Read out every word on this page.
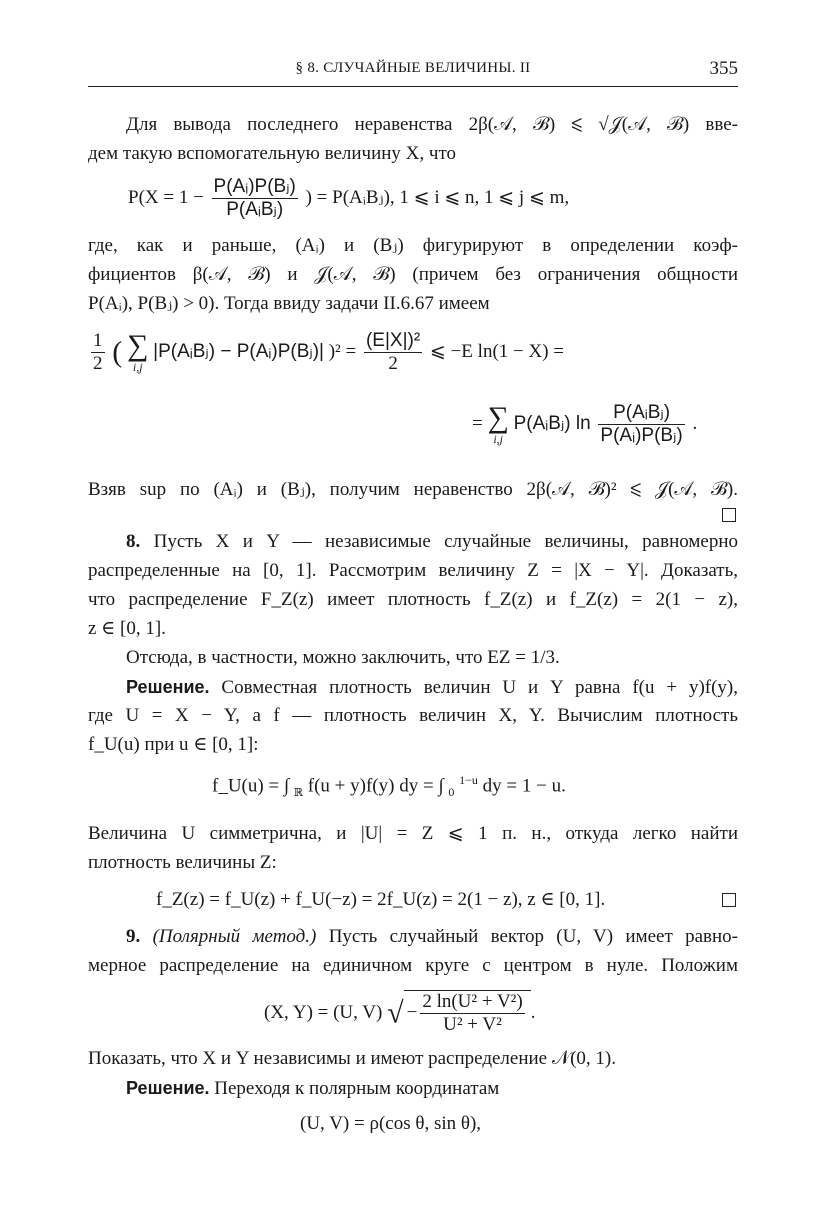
§ 8. СЛУЧАЙНЫЕ ВЕЛИЧИНЫ. II	355
Для вывода последнего неравенства 2β(𝒜, ℬ) ⩽ √𝒥(𝒜, ℬ) вве-
дем такую вспомогательную величину X, что
$P(X = 1 - \frac{\text{P(Aᵢ)P(Bⱼ)}}{\text{P(AᵢBⱼ)}}$ ) = P(AᵢBⱼ), 1 ⩽ i ⩽ n, 1 ⩽ j ⩽ m,
где, как и раньше, (Aᵢ) и (Bⱼ) фигурируют в определении коэф-
фициентов β(𝒜, ℬ) и 𝒥(𝒜, ℬ) (причем без ограничения общности
P(Aᵢ), P(Bⱼ) > 0). Тогда ввиду задачи II.6.67 имеем
$\frac{1}{2}$ ( ∑
i,j
|P(AᵢBⱼ) − P(Aᵢ)P(Bⱼ)| )$^2 = \frac{\text{(E|X|)²}}{2}$ ⩽ −E ln(1 − X) =
= ∑
i,j
P(AᵢBⱼ) $\ln \frac{\text{P(AᵢBⱼ)}}{\text{P(Aᵢ)P(Bⱼ)}}$ .
Взяв sup по (Aᵢ) и (Bⱼ), получим неравенство 2β(𝒜, ℬ)² ⩽ 𝒥(𝒜, ℬ).
8. Пусть X и Y — независимые случайные величины, равномерно
распределенные на [0, 1]. Рассмотрим величину Z = |X − Y|. Доказать,
что распределение F_Z(z) имеет плотность f_Z(z) и f_Z(z) = 2(1 − z),
z ∈ [0, 1].
Отсюда, в частности, можно заключить, что EZ = 1/3.
Решение. Совместная плотность величин U и Y равна f(u + y)f(y),
где U = X − Y, а f — плотность величин X, Y. Вычислим плотность
f_U(u) при u ∈ [0, 1]:
f_U(u) = ∫ $_ℝ$ f(u + y)f(y) dy = ∫ $_0$ $^{1-u}$ dy = 1 − u.
Величина U симметрична, и |U| = Z ⩽ 1 п. н., откуда легко найти
плотность величины Z:
f_Z(z) = f_U(z) + f_U(−z) = 2f_U(z) = 2(1 − z), z ∈ [0, 1].
9. (Полярный метод.) Пусть случайный вектор (U, V) имеет равно-
мерное распределение на единичном круге с центром в нуле. Положим
(X, Y) = (U, V) √ − $\frac{\text{2 ln(U² + V²)}}{\text{U² + V²}}$ .
Показать, что X и Y независимы и имеют распределение 𝒩(0, 1).
Решение. Переходя к полярным координатам
(U, V) = ρ(cos θ, sin θ),
